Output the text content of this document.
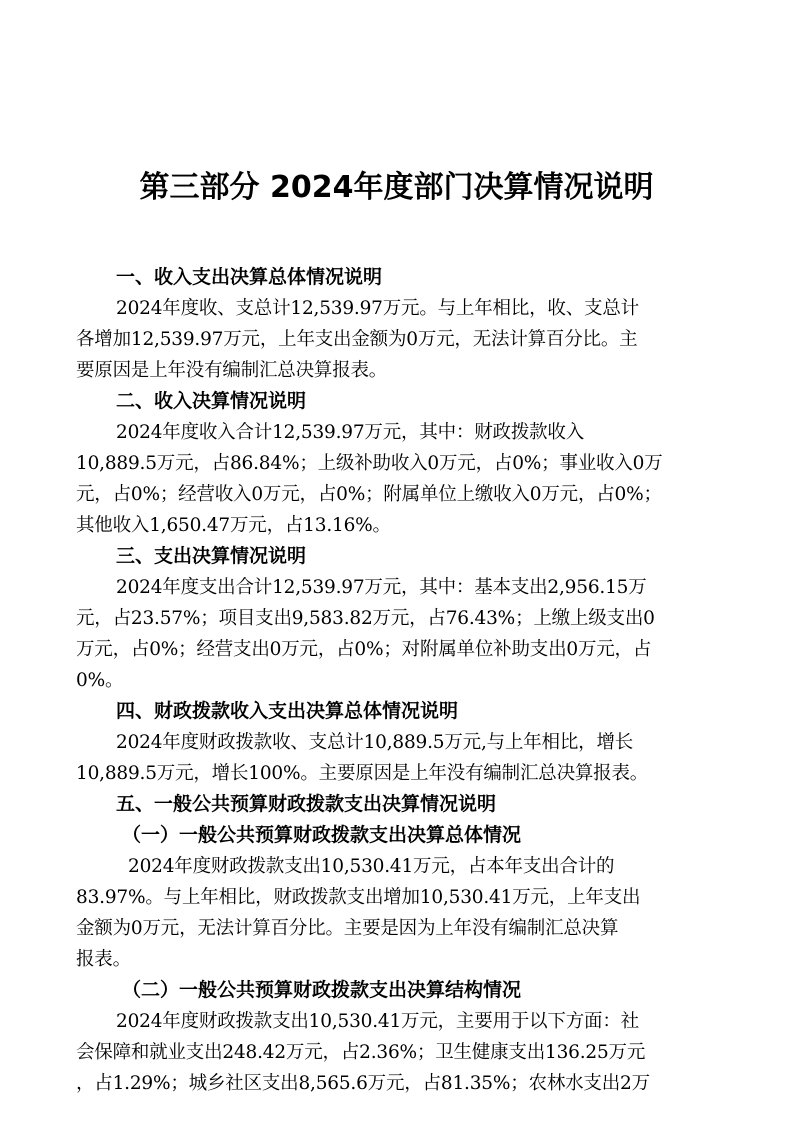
第三部分 2024年度部门决算情况说明
一、收入支出决算总体情况说明
2024年度收、支总计12,539.97万元。与上年相比，收、支总计
各增加12,539.97万元，上年支出金额为0万元，无法计算百分比。主
要原因是上年没有编制汇总决算报表。
二、收入决算情况说明
2024年度收入合计12,539.97万元，其中：财政拨款收入
10,889.5万元，占86.84%；上级补助收入0万元，占0%；事业收入0万
元，占0%；经营收入0万元，占0%；附属单位上缴收入0万元，占0%；
其他收入1,650.47万元，占13.16%。
三、支出决算情况说明
2024年度支出合计12,539.97万元，其中：基本支出2,956.15万
元，占23.57%；项目支出9,583.82万元，占76.43%；上缴上级支出0
万元，占0%；经营支出0万元，占0%；对附属单位补助支出0万元，占
0%。
四、财政拨款收入支出决算总体情况说明
2024年度财政拨款收、支总计10,889.5万元,与上年相比，增长
10,889.5万元，增长100%。主要原因是上年没有编制汇总决算报表。
五、一般公共预算财政拨款支出决算情况说明
（一）一般公共预算财政拨款支出决算总体情况
2024年度财政拨款支出10,530.41万元，占本年支出合计的
83.97%。与上年相比，财政拨款支出增加10,530.41万元，上年支出
金额为0万元，无法计算百分比。主要是因为上年没有编制汇总决算
报表。
（二）一般公共预算财政拨款支出决算结构情况
2024年度财政拨款支出10,530.41万元，主要用于以下方面：社
会保障和就业支出248.42万元，占2.36%；卫生健康支出136.25万元
，占1.29%；城乡社区支出8,565.6万元，占81.35%；农林水支出2万
